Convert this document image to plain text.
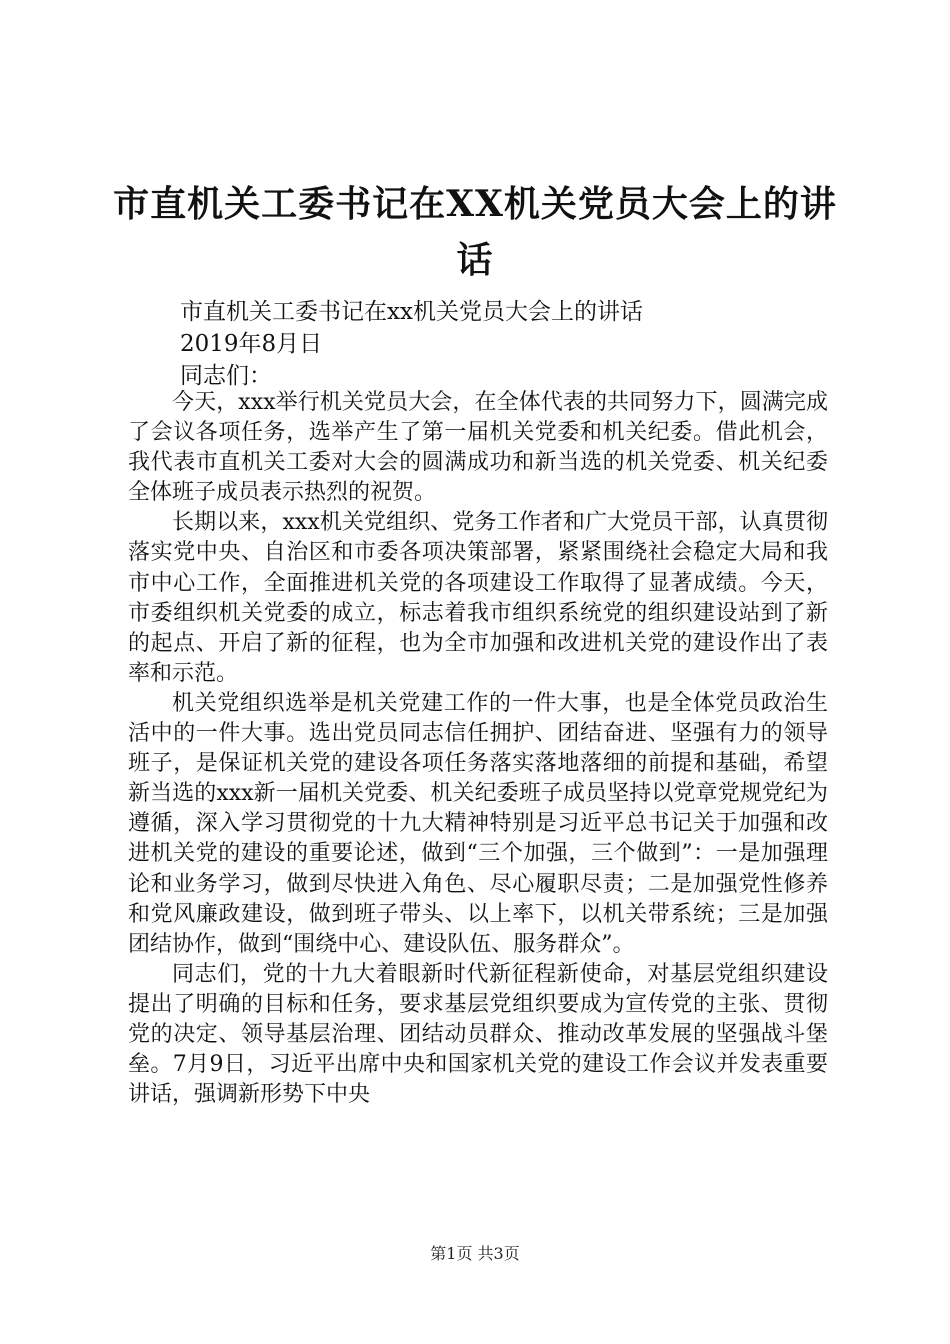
市直机关工委书记在XX机关党员大会上的讲
话
市直机关工委书记在xx机关党员大会上的讲话
2019年8月日
同志们：

今天，xxx举行机关党员大会，在全体代表的共同努力下，圆满完成了会议各项任务，选举产生了第一届机关党委和机关纪委。借此机会，我代表市直机关工委对大会的圆满成功和新当选的机关党委、机关纪委全体班子成员表示热烈的祝贺。

长期以来，xxx机关党组织、党务工作者和广大党员干部，认真贯彻落实党中央、自治区和市委各项决策部署，紧紧围绕社会稳定大局和我市中心工作，全面推进机关党的各项建设工作取得了显著成绩。今天，市委组织机关党委的成立，标志着我市组织系统党的组织建设站到了新的起点、开启了新的征程，也为全市加强和改进机关党的建设作出了表率和示范。

机关党组织选举是机关党建工作的一件大事，也是全体党员政治生活中的一件大事。选出党员同志信任拥护、团结奋进、坚强有力的领导班子，是保证机关党的建设各项任务落实落地落细的前提和基础，希望新当选的xxx新一届机关党委、机关纪委班子成员坚持以党章党规党纪为遵循，深入学习贯彻党的十九大精神特别是习近平总书记关于加强和改进机关党的建设的重要论述，做到“三个加强，三个做到”：一是加强理论和业务学习，做到尽快进入角色、尽心履职尽责；二是加强党性修养和党风廉政建设，做到班子带头、以上率下，以机关带系统；三是加强团结协作，做到“围绕中心、建设队伍、服务群众”。

同志们，党的十九大着眼新时代新征程新使命，对基层党组织建设提出了明确的目标和任务，要求基层党组织要成为宣传党的主张、贯彻党的决定、领导基层治理、团结动员群众、推动改革发展的坚强战斗堡垒。7月9日，习近平出席中央和国家机关党的建设工作会议并发表重要讲话，强调新形势下中央

第1页 共3页
